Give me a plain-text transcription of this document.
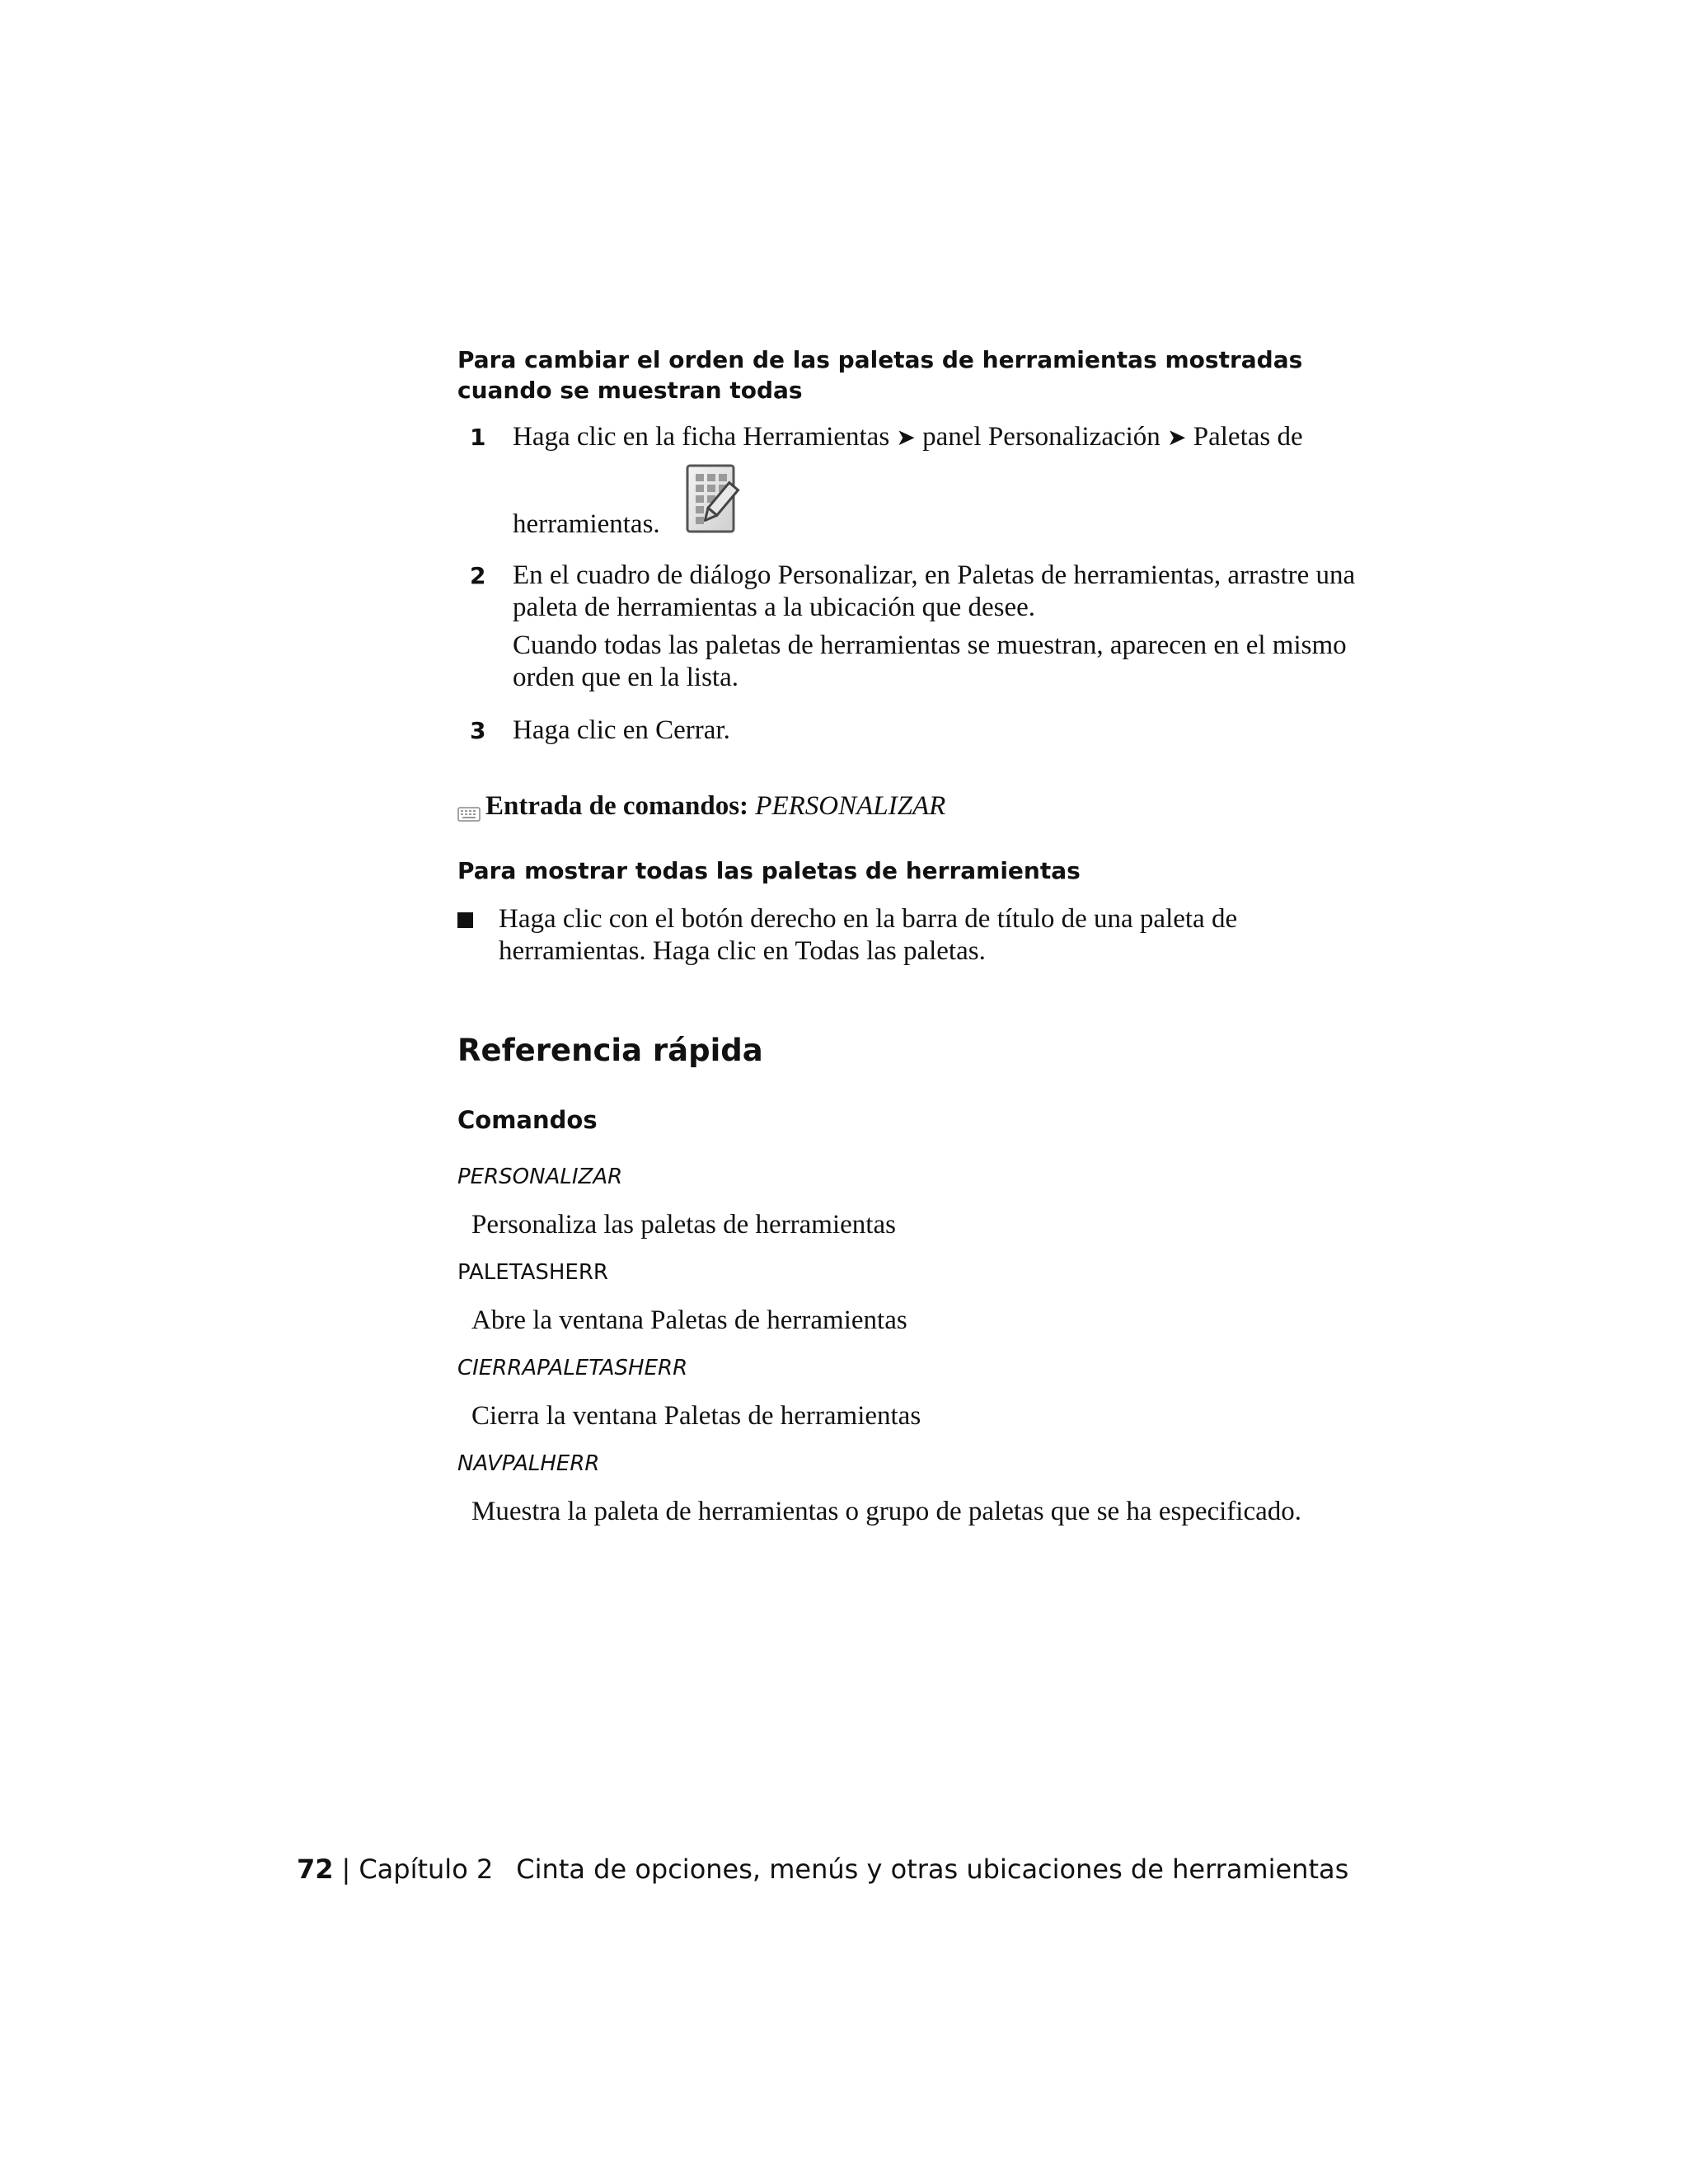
Para cambiar el orden de las paletas de herramientas mostradas cuando se muestran todas
1 Haga clic en la ficha Herramientas ➤ panel Personalización ➤ Paletas de
herramientas.
2 En el cuadro de diálogo Personalizar, en Paletas de herramientas, arrastre una paleta de herramientas a la ubicación que desee.
Cuando todas las paletas de herramientas se muestran, aparecen en el mismo orden que en la lista.
3 Haga clic en Cerrar.
Entrada de comandos: PERSONALIZAR
Para mostrar todas las paletas de herramientas
Haga clic con el botón derecho en la barra de título de una paleta de herramientas. Haga clic en Todas las paletas.
Referencia rápida
Comandos
PERSONALIZAR
Personaliza las paletas de herramientas
PALETASHERR
Abre la ventana Paletas de herramientas
CIERRAPALETASHERR
Cierra la ventana Paletas de herramientas
NAVPALHERR
Muestra la paleta de herramientas o grupo de paletas que se ha especificado.
72 | Capítulo 2 Cinta de opciones, menús y otras ubicaciones de herramientas
